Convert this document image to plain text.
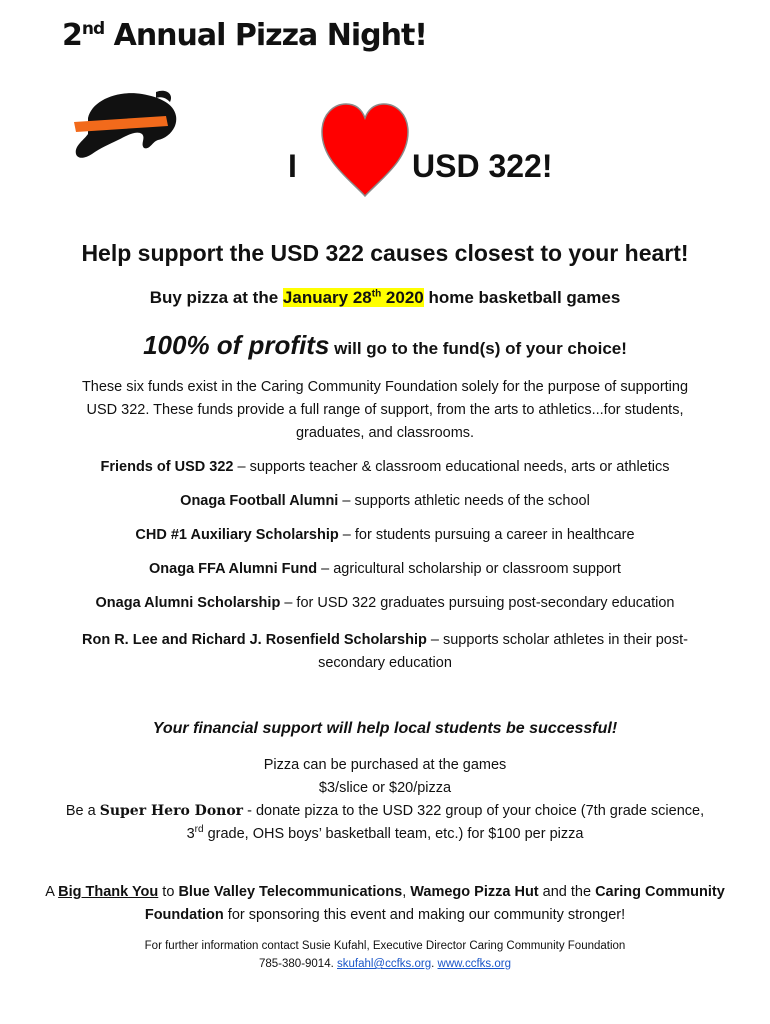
2nd Annual Pizza Night!
I	USD 322!
Help support the USD 322 causes closest to your heart!
Buy pizza at the January 28th 2020 home basketball games
100% of profits will go to the fund(s) of your choice!
These six funds exist in the Caring Community Foundation solely for the purpose of supporting USD 322. These funds provide a full range of support, from the arts to athletics...for students, graduates, and classrooms.
Friends of USD 322 – supports teacher & classroom educational needs, arts or athletics
Onaga Football Alumni – supports athletic needs of the school
CHD #1 Auxiliary Scholarship – for students pursuing a career in healthcare
Onaga FFA Alumni Fund – agricultural scholarship or classroom support
Onaga Alumni Scholarship – for USD 322 graduates pursuing post-secondary education
Ron R. Lee and Richard J. Rosenfield Scholarship – supports scholar athletes in their post-secondary education
Your financial support will help local students be successful!
Pizza can be purchased at the games
$3/slice or $20/pizza
Be a Super Hero Donor - donate pizza to the USD 322 group of your choice (7th grade science, 3rd grade, OHS boys’ basketball team, etc.) for $100 per pizza
A Big Thank You to Blue Valley Telecommunications, Wamego Pizza Hut and the Caring Community Foundation for sponsoring this event and making our community stronger!
For further information contact Susie Kufahl, Executive Director Caring Community Foundation
785-380-9014. skufahl@ccfks.org. www.ccfks.org
